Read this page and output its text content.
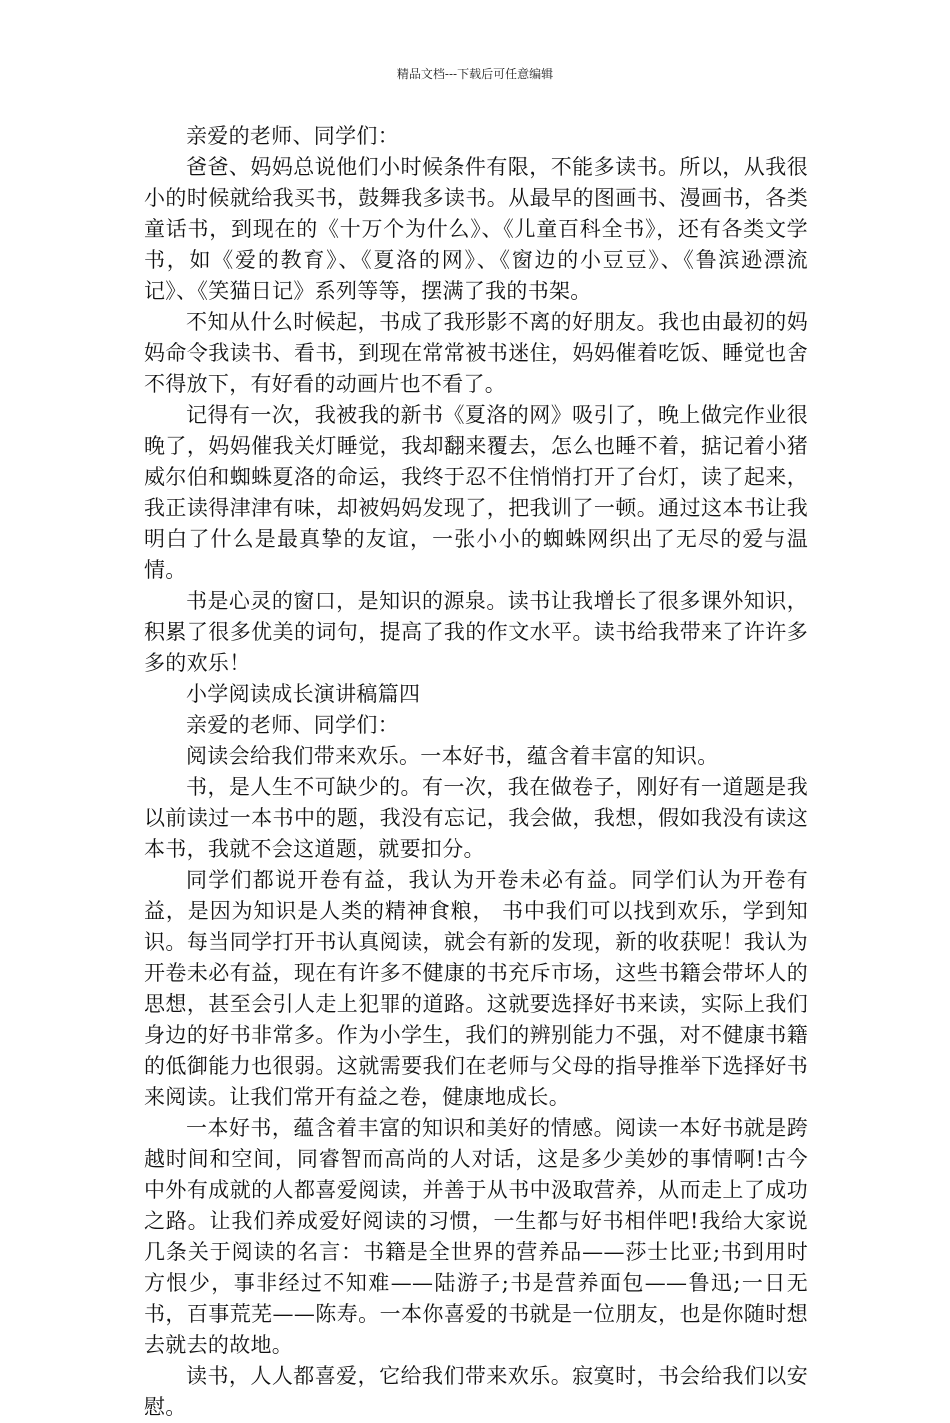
精品文档---下载后可任意编辑

亲爱的老师、同学们：

爸爸、妈妈总说他们小时候条件有限，不能多读书。所以，从我很小的时候就给我买书，鼓舞我多读书。从最早的图画书、漫画书，各类童话书，到现在的《十万个为什么》、《儿童百科全书》，还有各类文学书，如《爱的教育》、《夏洛的网》、《窗边的小豆豆》、《鲁滨逊漂流记》、《笑猫日记》系列等等，摆满了我的书架。

不知从什么时候起，书成了我形影不离的好朋友。我也由最初的妈妈命令我读书、看书，到现在常常被书迷住，妈妈催着吃饭、睡觉也舍不得放下，有好看的动画片也不看了。

记得有一次，我被我的新书《夏洛的网》吸引了，晚上做完作业很晚了，妈妈催我关灯睡觉，我却翻来覆去，怎么也睡不着，掂记着小猪威尔伯和蜘蛛夏洛的命运，我终于忍不住悄悄打开了台灯，读了起来，我正读得津津有味，却被妈妈发现了，把我训了一顿。通过这本书让我明白了什么是最真挚的友谊，一张小小的蜘蛛网织出了无尽的爱与温情。

书是心灵的窗口，是知识的源泉。读书让我增长了很多课外知识，积累了很多优美的词句，提高了我的作文水平。读书给我带来了许许多多的欢乐！

小学阅读成长演讲稿篇四

亲爱的老师、同学们：

阅读会给我们带来欢乐。一本好书，蕴含着丰富的知识。

书，是人生不可缺少的。有一次，我在做卷子，刚好有一道题是我以前读过一本书中的题，我没有忘记，我会做，我想，假如我没有读这本书，我就不会这道题，就要扣分。

同学们都说开卷有益，我认为开卷未必有益。同学们认为开卷有益，是因为知识是人类的精神食粮， 书中我们可以找到欢乐，学到知识。每当同学打开书认真阅读，就会有新的发现，新的收获呢！我认为开卷未必有益，现在有许多不健康的书充斥市场，这些书籍会带坏人的思想，甚至会引人走上犯罪的道路。这就要选择好书来读，实际上我们身边的好书非常多。作为小学生，我们的辨别能力不强，对不健康书籍的低御能力也很弱。这就需要我们在老师与父母的指导推举下选择好书来阅读。让我们常开有益之卷，健康地成长。

一本好书，蕴含着丰富的知识和美好的情感。阅读一本好书就是跨越时间和空间，同睿智而高尚的人对话，这是多少美妙的事情啊!古今中外有成就的人都喜爱阅读，并善于从书中汲取营养，从而走上了成功之路。让我们养成爱好阅读的习惯，一生都与好书相伴吧!我给大家说几条关于阅读的名言：书籍是全世界的营养品——莎士比亚;书到用时方恨少，事非经过不知难——陆游子;书是营养面包——鲁迅;一日无书，百事荒芜——陈寿。一本你喜爱的书就是一位朋友，也是你随时想去就去的故地。

读书，人人都喜爱，它给我们带来欢乐。寂寞时，书会给我们以安慰。
